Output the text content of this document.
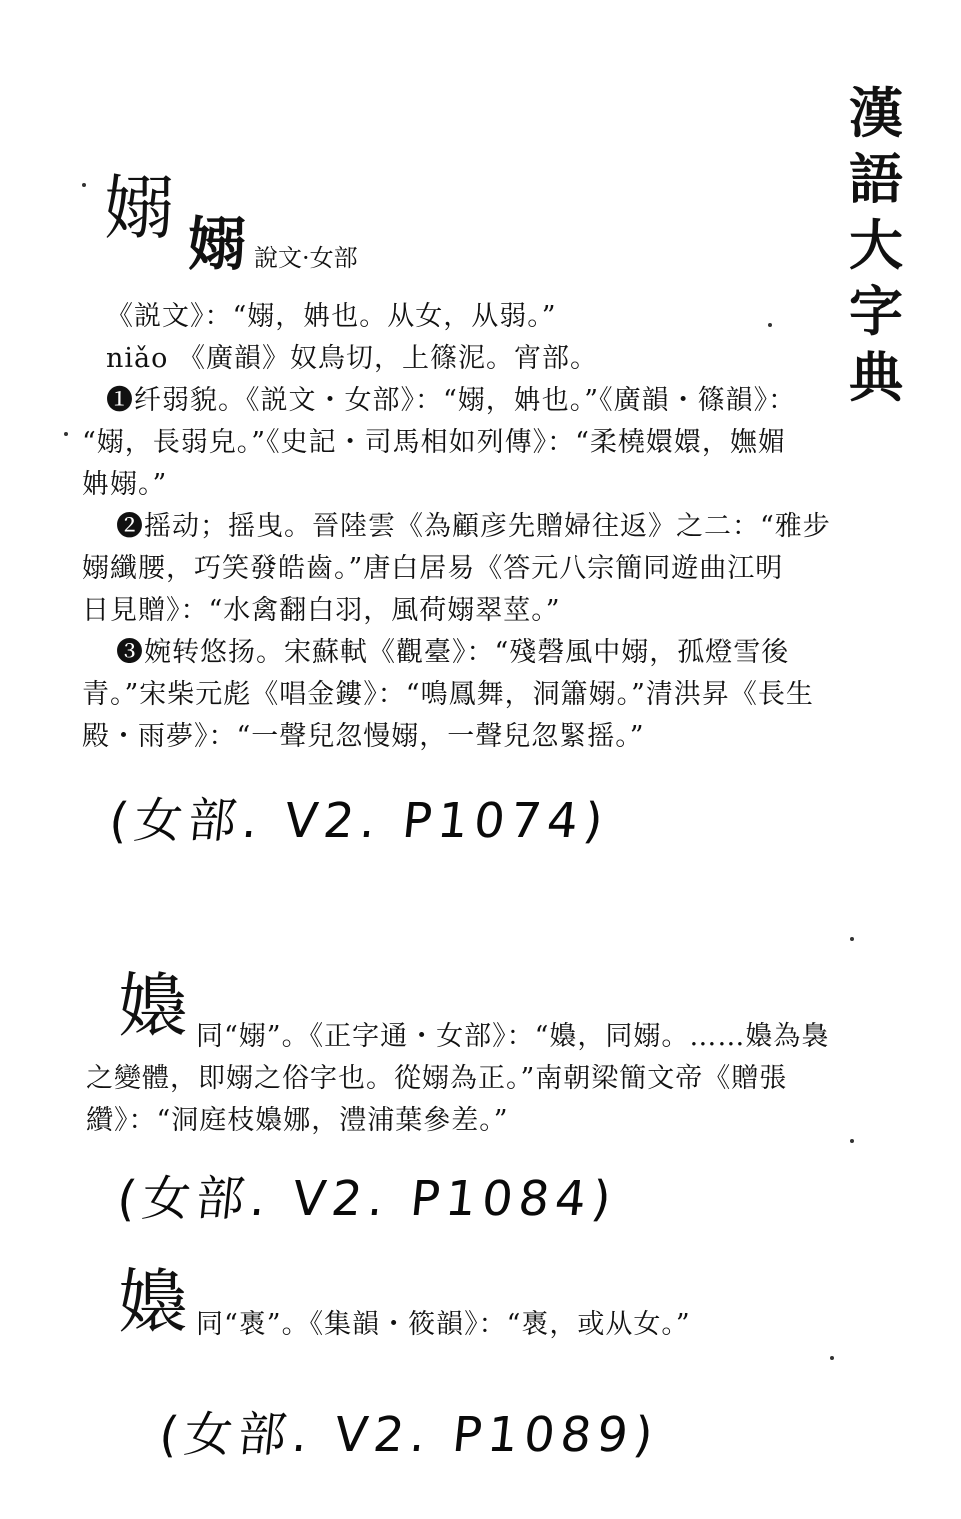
漢
語
大
字
典
嫋 嫋 說文·女部

《説文》：“嫋，姌也。从女，从弱。”

niǎo 《廣韻》奴鳥切，上篠泥。宵部。

❶纤弱貌。《説文・女部》：“嫋，姌也。”《廣韻・篠韻》：

“嫋，長弱皃。”《史記・司馬相如列傳》：“柔橈嬛嬛，嫵媚

姌嫋。”

❷摇动；摇曳。晉陸雲《為顧彦先贈婦往返》之二：“雅步

嫋纖腰，巧笑發皓齒。”唐白居易《答元八宗簡同遊曲江明

日見贈》：“水禽翻白羽，風荷嫋翠莖。”

❸婉转悠扬。宋蘇軾《觀臺》：“殘磬風中嫋，孤燈雪後

青。”宋柴元彪《唱金鏤》：“鳴鳳舞，洞簫嫋。”清洪昇《長生

殿・雨夢》：“一聲兒忽慢嫋，一聲兒忽緊摇。”

(女部. V2. P1074)
嬝 同“嫋”。《正字通・女部》：“嬝，同嫋。……嬝為裊

之變體，即嫋之俗字也。從嫋為正。”南朝梁簡文帝《贈張

纘》：“洞庭枝嬝娜，澧浦葉參差。”

(女部. V2. P1084)
嬝 同“褭”。《集韻・筱韻》：“褭，或从女。”

(女部. V2. P1089)
